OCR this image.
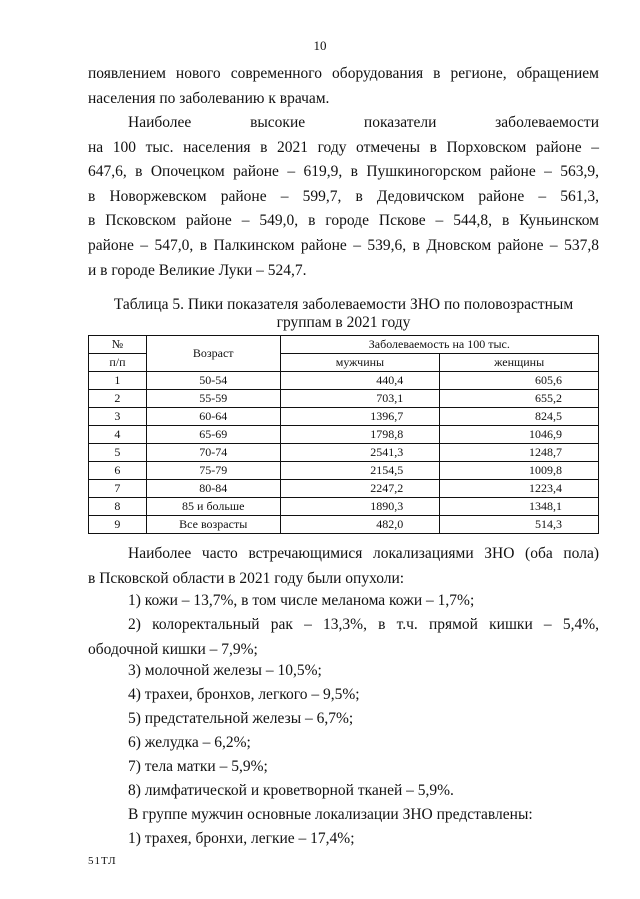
10
появлением нового современного оборудования в регионе, обращением
населения по заболеванию к врачам.
Наиболее высокие показатели заболеваемости
на 100 тыс. населения в 2021 году отмечены в Порховском районе –
647,6, в Опочецком районе – 619,9, в Пушкиногорском районе – 563,9,
в Новоржевском районе – 599,7, в Дедовичском районе – 561,3,
в Псковском районе – 549,0, в городе Пскове – 544,8, в Куньинском
районе – 547,0, в Палкинском районе – 539,6, в Дновском районе – 537,8
и в городе Великие Луки – 524,7.
Таблица 5. Пики показателя заболеваемости ЗНО по половозрастным
группам в 2021 году
№	Возраст	Заболеваемость на 100 тыс.	
п/п		мужчины	женщины
1	50-54	440,4	605,6
2	55-59	703,1	655,2
3	60-64	1396,7	824,5
4	65-69	1798,8	1046,9
5	70-74	2541,3	1248,7
6	75-79	2154,5	1009,8
7	80-84	2247,2	1223,4
8	85 и больше	1890,3	1348,1
9	Все возрасты	482,0	514,3
Наиболее часто встречающимися локализациями ЗНО (оба пола)
в Псковской области в 2021 году были опухоли:
1) кожи – 13,7%, в том числе меланома кожи – 1,7%;
2) колоректальный рак – 13,3%, в т.ч. прямой кишки – 5,4%,
ободочной кишки – 7,9%;
3) молочной железы – 10,5%;
4) трахеи, бронхов, легкого – 9,5%;
5) предстательной железы – 6,7%;
6) желудка – 6,2%;
7) тела матки – 5,9%;
8) лимфатической и кроветворной тканей – 5,9%.
В группе мужчин основные локализации ЗНО представлены:
1) трахея, бронхи, легкие – 17,4%;
51ТЛ
